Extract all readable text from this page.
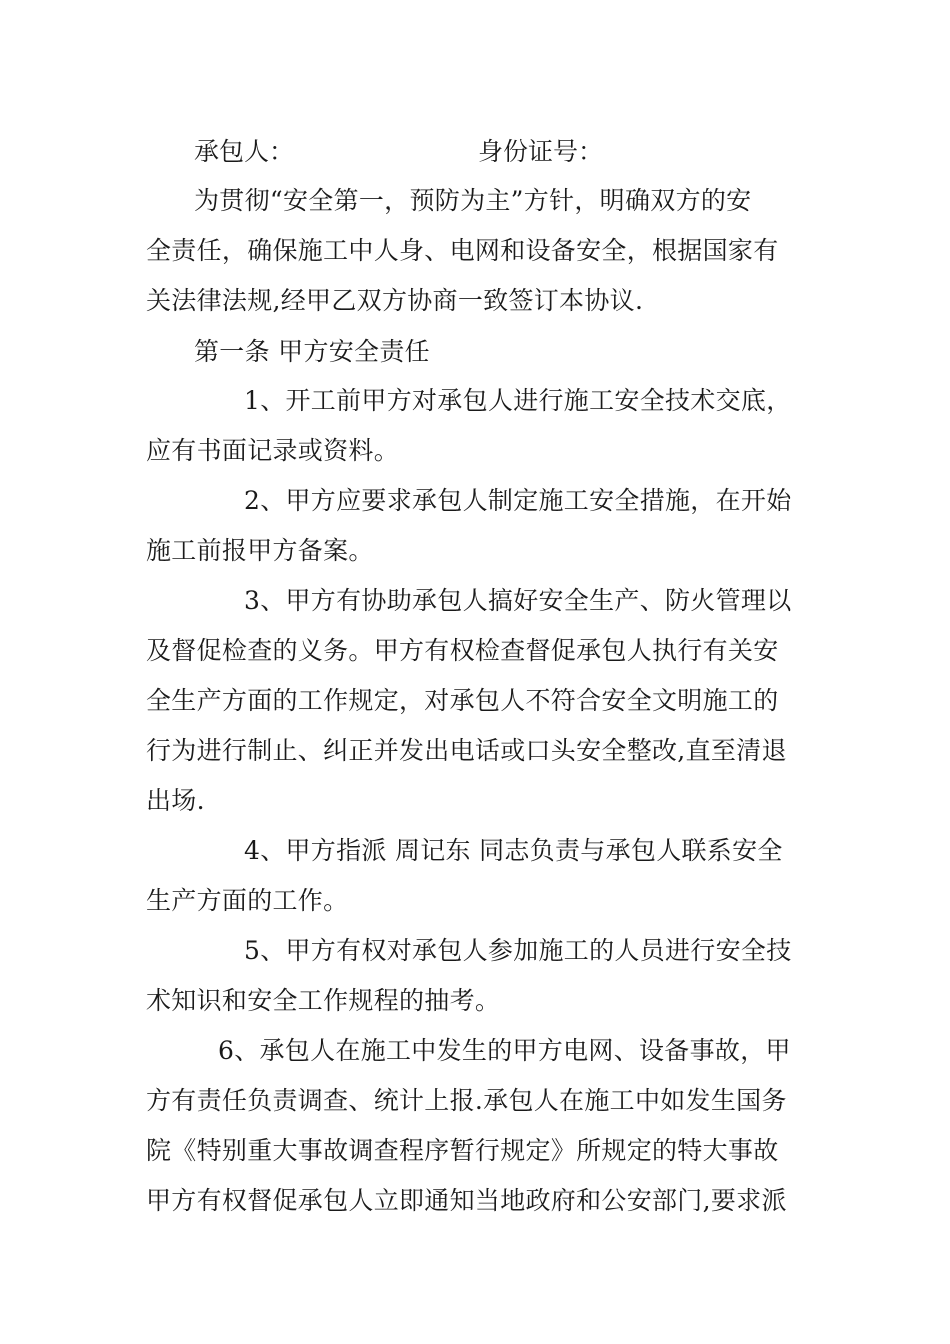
承包人：	身份证号：
为贯彻“安全第一，预防为主”方针，明确双方的安
全责任，确保施工中人身、电网和设备安全，根据国家有
关法律法规,经甲乙双方协商一致签订本协议.
第一条 甲方安全责任
1、开工前甲方对承包人进行施工安全技术交底，
应有书面记录或资料。
2、甲方应要求承包人制定施工安全措施，在开始
施工前报甲方备案。
3、甲方有协助承包人搞好安全生产、防火管理以
及督促检查的义务。甲方有权检查督促承包人执行有关安
全生产方面的工作规定，对承包人不符合安全文明施工的
行为进行制止、纠正并发出电话或口头安全整改,直至清退
出场.
4、甲方指派 周记东 同志负责与承包人联系安全
生产方面的工作。
5、甲方有权对承包人参加施工的人员进行安全技
术知识和安全工作规程的抽考。
6、承包人在施工中发生的甲方电网、设备事故，甲
方有责任负责调查、统计上报.承包人在施工中如发生国务
院《特别重大事故调查程序暂行规定》所规定的特大事故
甲方有权督促承包人立即通知当地政府和公安部门,要求派
